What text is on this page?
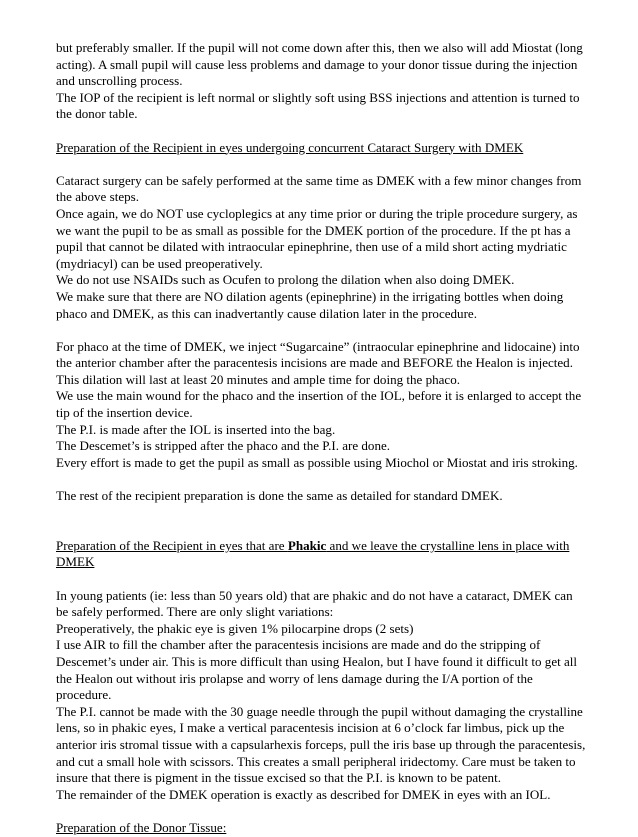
but preferably smaller. If the pupil will not come down after this, then we also will add Miostat (long acting). A small pupil will cause less problems and damage to your donor tissue during the injection and unscrolling process.

The IOP of the recipient is left normal or slightly soft using BSS injections and attention is turned to the donor table.

Preparation of the Recipient in eyes undergoing concurrent Cataract Surgery with DMEK

Cataract surgery can be safely performed at the same time as DMEK with a few minor changes from the above steps.

Once again, we do NOT use cycloplegics at any time prior or during the triple procedure surgery, as we want the pupil to be as small as possible for the DMEK portion of the procedure. If the pt has a pupil that cannot be dilated with intraocular epinephrine, then use of a mild short acting mydriatic (mydriacyl) can be used preoperatively.

We do not use NSAIDs such as Ocufen to prolong the dilation when also doing DMEK.

We make sure that there are NO dilation agents (epinephrine) in the irrigating bottles when doing phaco and DMEK, as this can inadvertantly cause dilation later in the procedure.

For phaco at the time of DMEK, we inject “Sugarcaine” (intraocular epinephrine and lidocaine) into the anterior chamber after the paracentesis incisions are made and BEFORE the Healon is injected. This dilation will last at least 20 minutes and ample time for doing the phaco.

We use the main wound for the phaco and the insertion of the IOL, before it is enlarged to accept the tip of the insertion device.

The P.I. is made after the IOL is inserted into the bag.

The Descemet’s is stripped after the phaco and the P.I. are done.

Every effort is made to get the pupil as small as possible using Miochol or Miostat and iris stroking.

The rest of the recipient preparation is done the same as detailed for standard DMEK.

Preparation of the Recipient in eyes that are Phakic and we leave the crystalline lens in place with DMEK

In young patients (ie: less than 50 years old) that are phakic and do not have a cataract, DMEK can be safely performed. There are only slight variations:

Preoperatively, the phakic eye is given 1% pilocarpine drops (2 sets)

I use AIR to fill the chamber after the paracentesis incisions are made and do the stripping of Descemet’s under air. This is more difficult than using Healon, but I have found it difficult to get all the Healon out without iris prolapse and worry of lens damage during the I/A portion of the procedure.

The P.I. cannot be made with the 30 guage needle through the pupil without damaging the crystalline lens, so in phakic eyes, I make a vertical paracentesis incision at 6 o’clock far limbus, pick up the anterior iris stromal tissue with a capsularhexis forceps, pull the iris base up through the paracentesis, and cut a small hole with scissors. This creates a small peripheral iridectomy. Care must be taken to insure that there is pigment in the tissue excised so that the P.I. is known to be patent.

The remainder of the DMEK operation is exactly as described for DMEK in eyes with an IOL.

Preparation of the Donor Tissue:
